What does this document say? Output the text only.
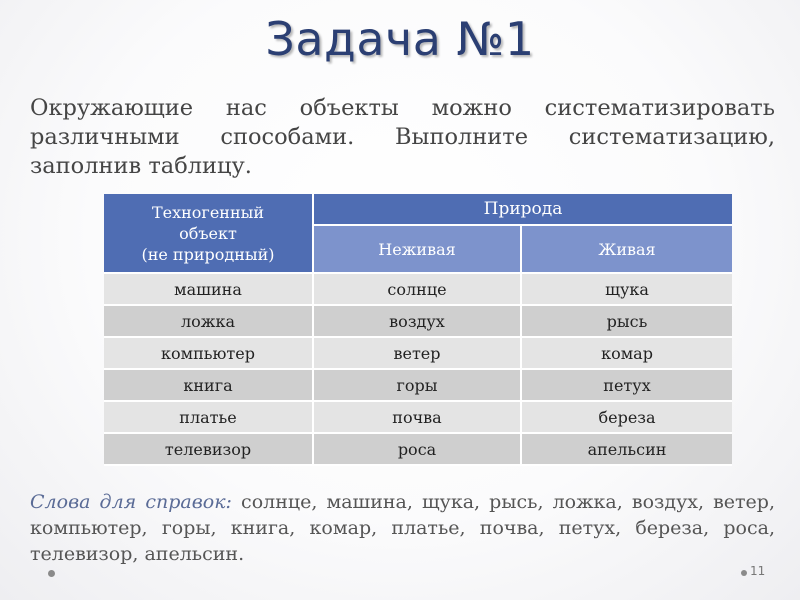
Задача №1
Окружающие нас объекты можно систематизировать различными способами. Выполните систематизацию, заполнив таблицу.
Техногенный
объект
(не природный)	Природа	
	Неживая	Живая
машина	солнце	щука
ложка	воздух	рысь
компьютер	ветер	комар
книга	горы	петух
платье	почва	береза
телевизор	роса	апельсин
Слова для справок: солнце, машина, щука, рысь, ложка, воздух, ветер, компьютер, горы, книга, комар, платье, почва, петух, береза, роса, телевизор, апельсин.
11
